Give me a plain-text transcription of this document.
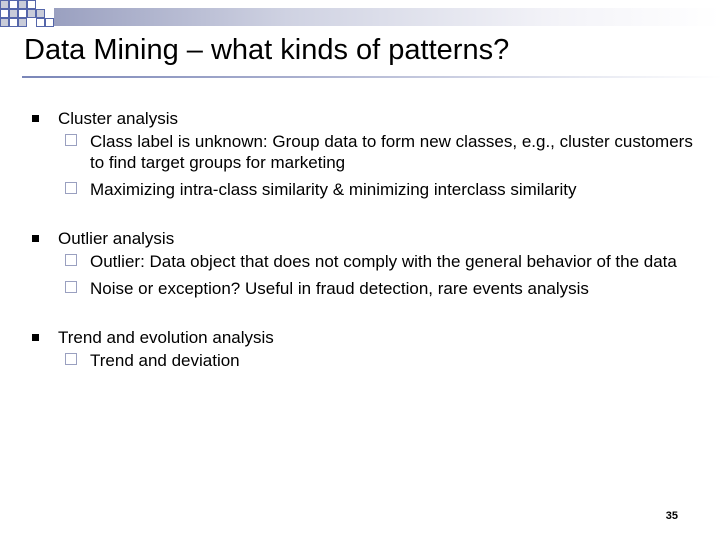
Data Mining – what kinds of patterns?
Cluster analysis
Class label is unknown: Group data to form new classes, e.g., cluster customers to find target groups for marketing
Maximizing intra-class similarity & minimizing interclass similarity
Outlier analysis
Outlier: Data object that does not comply with the general behavior of the data
Noise or exception? Useful in fraud detection, rare events analysis
Trend and evolution analysis
Trend and deviation
35
